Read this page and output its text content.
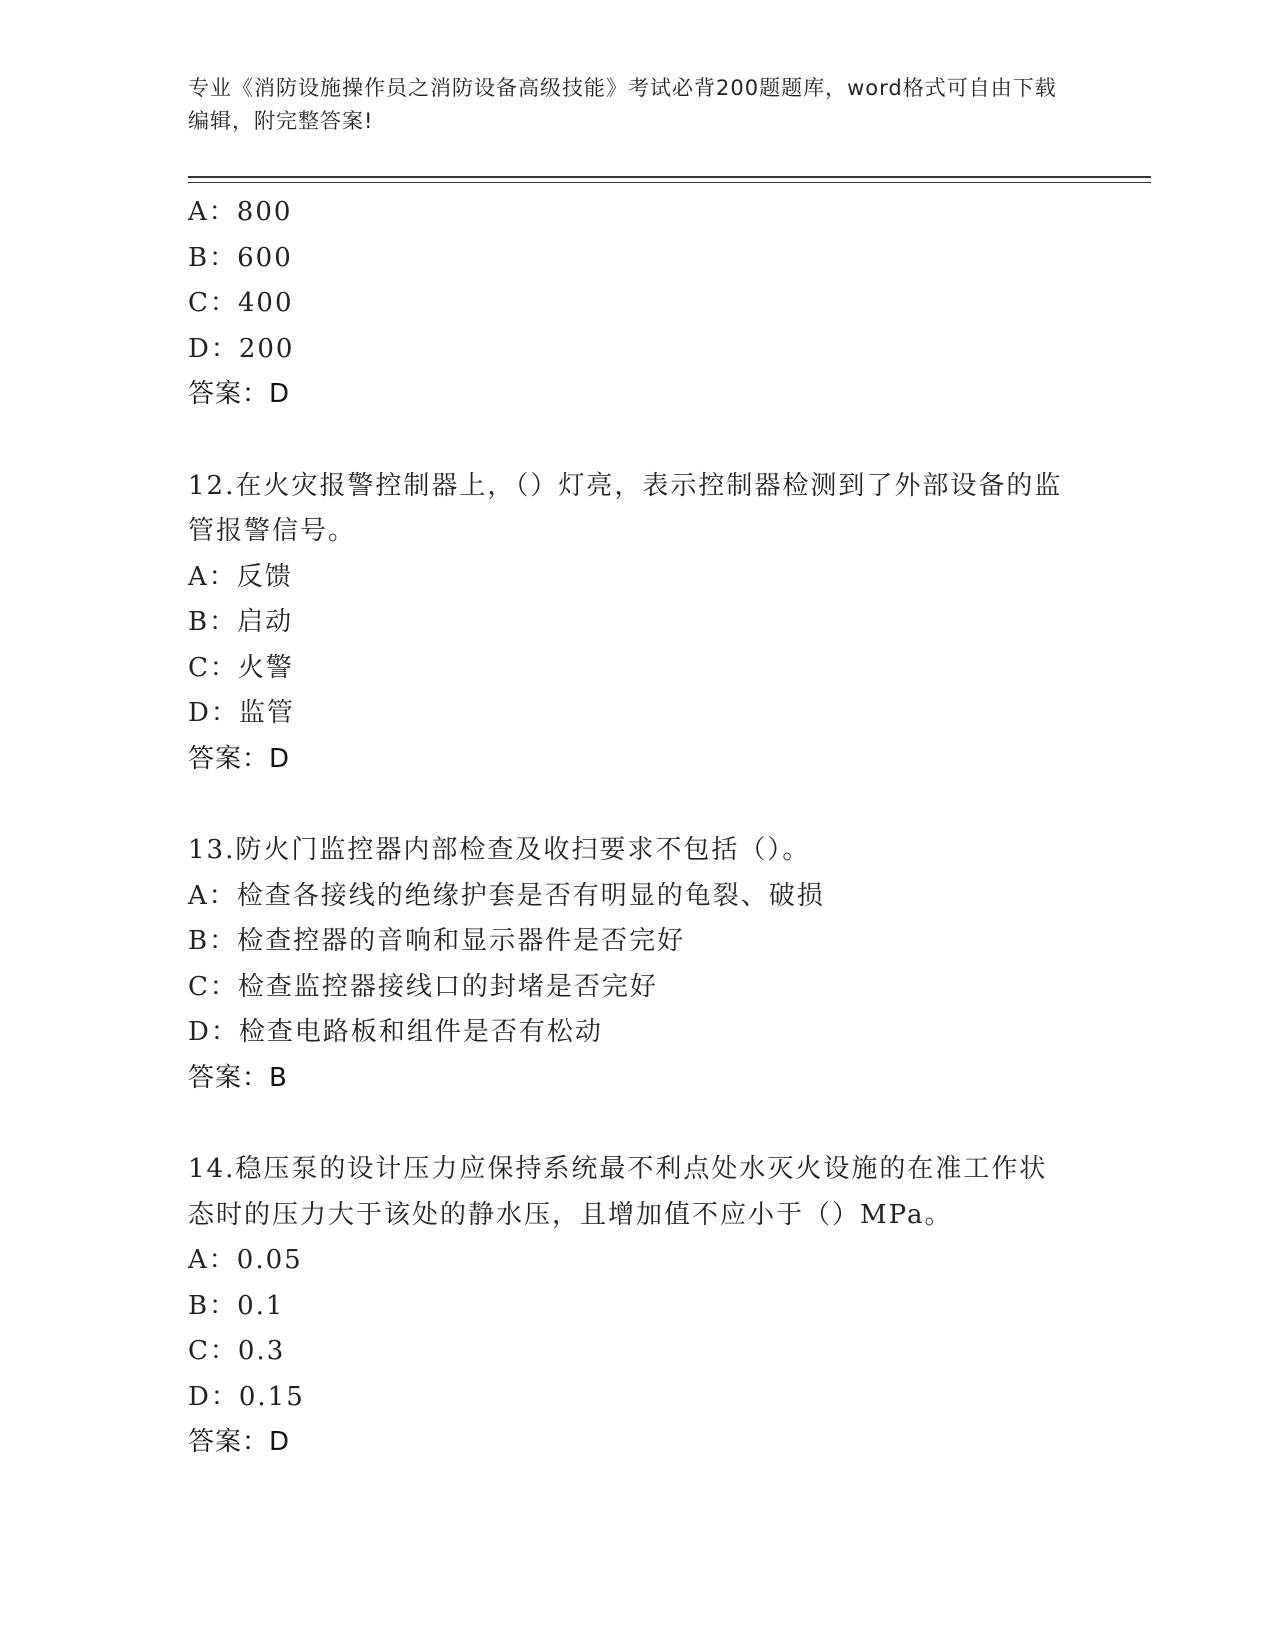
专业《消防设施操作员之消防设备高级技能》考试必背200题题库，word格式可自由下载编辑，附完整答案!
A：800
B：600
C：400
D：200
答案：D
12.在火灾报警控制器上，（）灯亮，表示控制器检测到了外部设备的监管报警信号。
A：反馈
B：启动
C：火警
D：监管
答案：D
13.防火门监控器内部检查及收扫要求不包括（）。
A：检查各接线的绝缘护套是否有明显的龟裂、破损
B：检查控器的音响和显示器件是否完好
C：检查监控器接线口的封堵是否完好
D：检查电路板和组件是否有松动
答案：B
14.稳压泵的设计压力应保持系统最不利点处水灭火设施的在准工作状态时的压力大于该处的静水压，且增加值不应小于（）MPa。
A：0.05
B：0.1
C：0.3
D：0.15
答案：D
